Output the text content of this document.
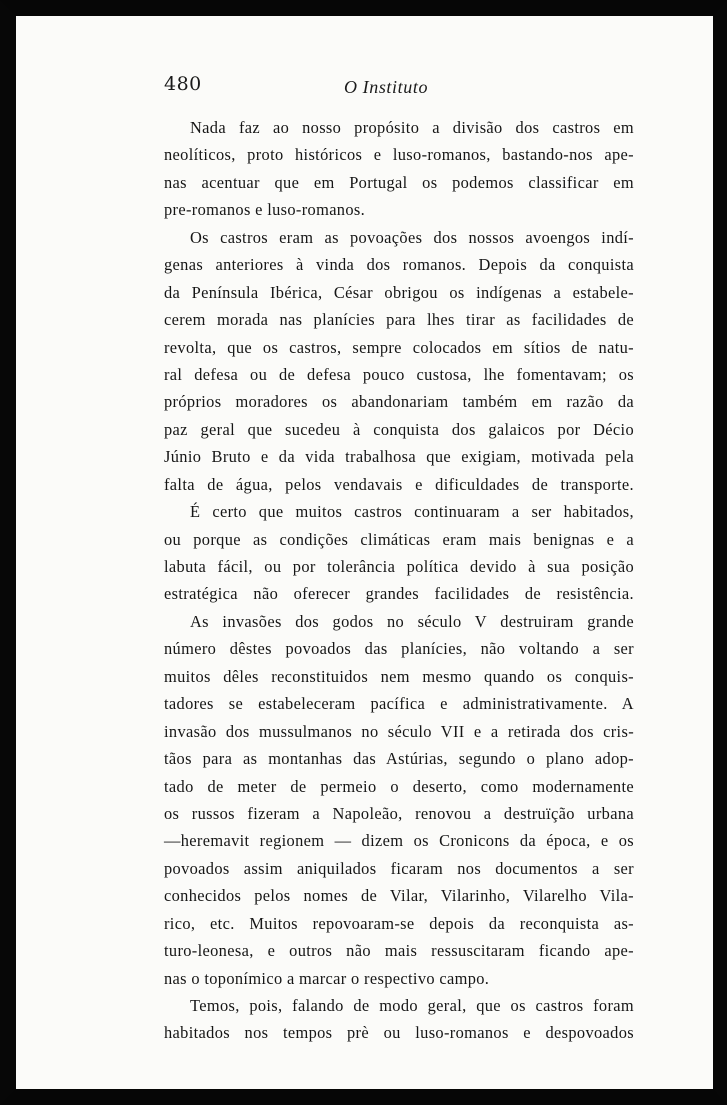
480	O Instituto
Nada faz ao nosso propósito a divisão dos castros em
neolíticos, proto históricos e luso-romanos, bastando-nos ape-
nas acentuar que em Portugal os podemos classificar em
pre-romanos e luso-romanos.
Os castros eram as povoações dos nossos avoengos indí-
genas anteriores à vinda dos romanos. Depois da conquista
da Península Ibérica, César obrigou os indígenas a estabele-
cerem morada nas planícies para lhes tirar as facilidades de
revolta, que os castros, sempre colocados em sítios de natu-
ral defesa ou de defesa pouco custosa, lhe fomentavam; os
próprios moradores os abandonariam também em razão da
paz geral que sucedeu à conquista dos galaicos por Décio
Júnio Bruto e da vida trabalhosa que exigiam, motivada pela
falta de água, pelos vendavais e dificuldades de transporte.
É certo que muitos castros continuaram a ser habitados,
ou porque as condições climáticas eram mais benignas e a
labuta fácil, ou por tolerância política devido à sua posição
estratégica não oferecer grandes facilidades de resistência.
As invasões dos godos no século V destruiram grande
número dêstes povoados das planícies, não voltando a ser
muitos dêles reconstituidos nem mesmo quando os conquis-
tadores se estabeleceram pacífica e administrativamente. A
invasão dos mussulmanos no século VII e a retirada dos cris-
tãos para as montanhas das Astúrias, segundo o plano adop-
tado de meter de permeio o deserto, como modernamente
os russos fizeram a Napoleão, renovou a destruïção urbana
—heremavit regionem — dizem os Cronicons da época, e os
povoados assim aniquilados ficaram nos documentos a ser
conhecidos pelos nomes de Vilar, Vilarinho, Vilarelho Vila-
rico, etc. Muitos repovoaram-se depois da reconquista as-
turo-leonesa, e outros não mais ressuscitaram ficando ape-
nas o toponímico a marcar o respectivo campo.
Temos, pois, falando de modo geral, que os castros foram
habitados nos tempos prè ou luso-romanos e despovoados
